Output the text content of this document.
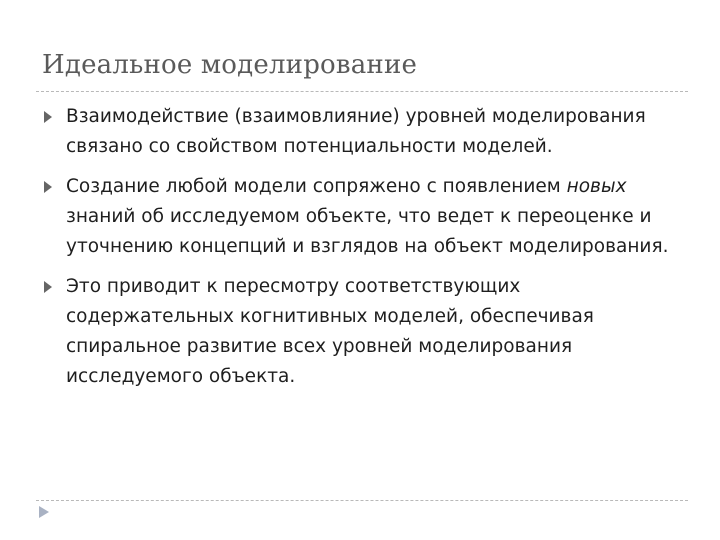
Идеальное моделирование
Взаимодействие (взаимовлияние) уровней моделирования связано со свойством потенциальности моделей.
Создание любой модели сопряжено с появлением новых знаний об исследуемом объекте, что ведет к переоценке и уточнению концепций и взглядов на объект моделирования.
Это приводит к пересмотру соответствующих содержательных когнитивных моделей, обеспечивая спиральное развитие всех уровней моделирования исследуемого объекта.
